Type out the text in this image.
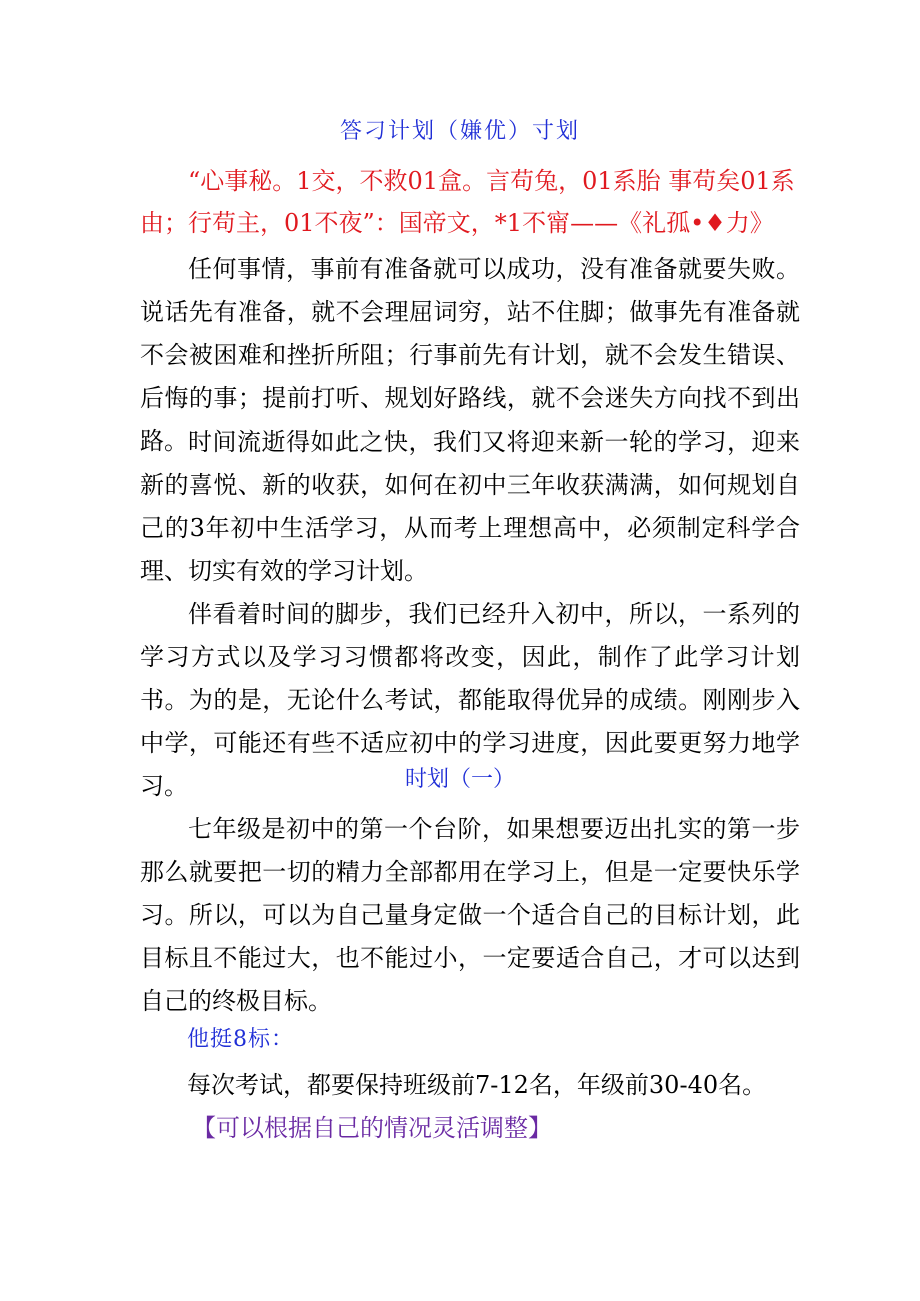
答刁计划（嫌优）寸划
“心事秘。1交，不救01盒。言苟兔，01系胎 事苟矣01系由；行苟主，01不夜”：国帝文，*1不甯——《礼孤•♦力》
任何事情，事前有准备就可以成功，没有准备就要失败。说话先有准备，就不会理屈词穷，站不住脚；做事先有准备就不会被困难和挫折所阻；行事前先有计划，就不会发生错误、后悔的事；提前打听、规划好路线，就不会迷失方向找不到出路。 时间流逝得如此之快，我们又将迎来新一轮的学习，迎来新的喜悦、新的收获，如何在初中三年收获满满，如何规划自己的3年初中生活学习，从而考上理想高中，必须制定科学合理、切实有效的学习计划。
伴看着时间的脚步，我们已经升入初中，所以，一系列的学习方式以及学习习惯都将改变，因此，制作了此学习计划书。为的是，无论什么考试，都能取得优异的成绩。刚刚步入中学，可能还有些不适应初中的学习进度，因此要更努力地学习。	时划（一）
七年级是初中的第一个台阶，如果想要迈出扎实的第一步那么就要把一切的精力全部都用在学习上，但是一定要快乐学习。所以，可以为自己量身定做一个适合自己的目标计划，此目标且不能过大，也不能过小，一定要适合自己，才可以达到自己的终极目标。
他挺8标：
每次考试，都要保持班级前7-12名，年级前30-40名。
【可以根据自己的情况灵活调整】
